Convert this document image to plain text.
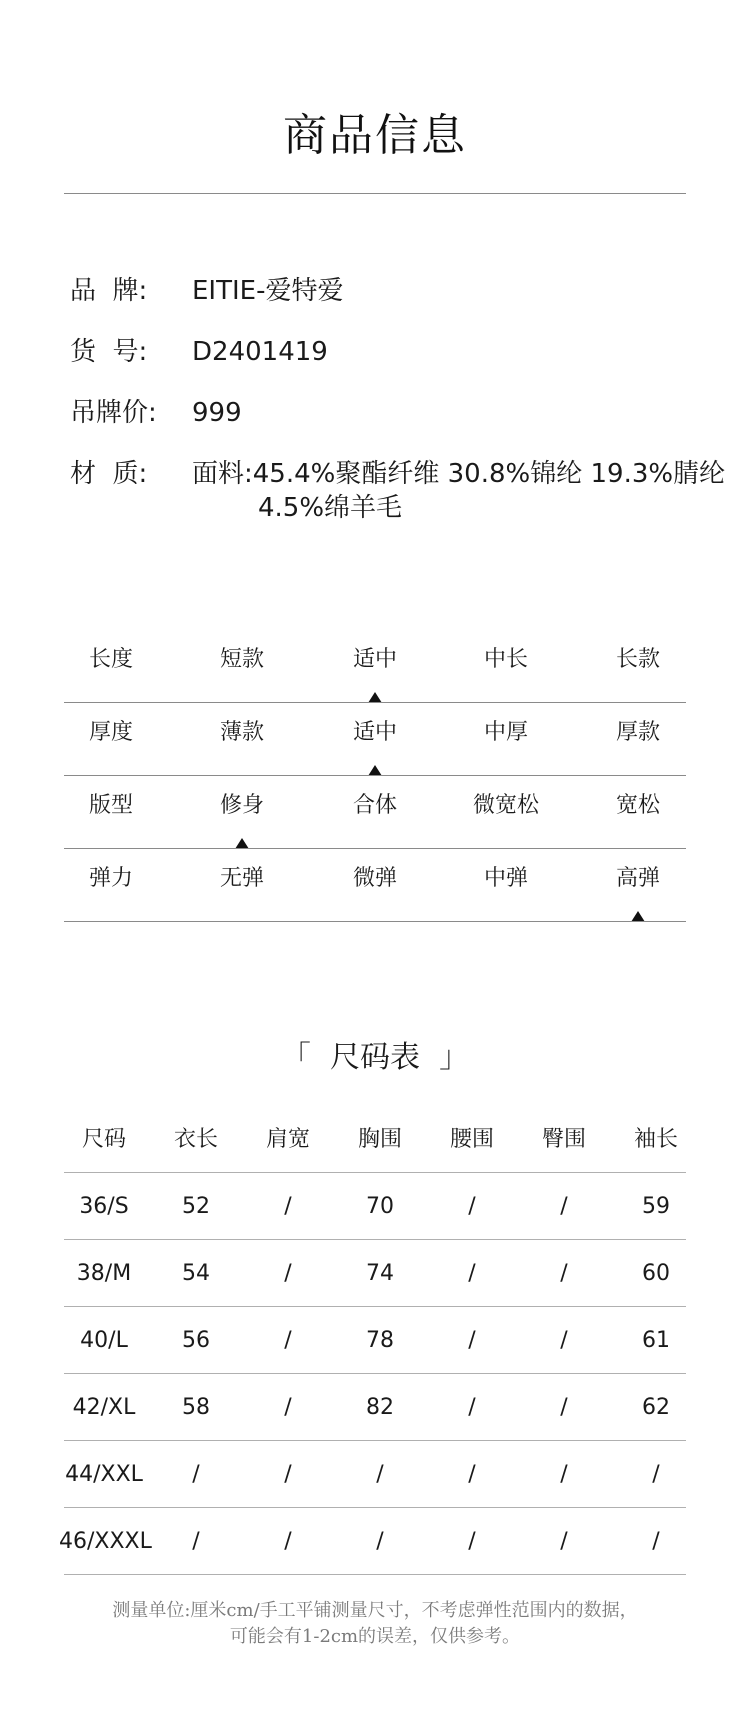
商品信息
品  牌: EITIE-爱特爱
货  号: D2401419
吊牌价: 999
材  质: 面料:45.4%聚酯纤维 30.8%锦纶 19.3%腈纶
4.5%绵羊毛
长度	短款	适中	中长	长款
厚度	薄款	适中	中厚	厚款
版型	修身	合体	微宽松	宽松
弹力	无弹	微弹	中弹	高弹
「  尺码表  」
尺码	衣长	肩宽	胸围	腰围	臀围	袖长
36/S	52	/	70	/	/	59
38/M	54	/	74	/	/	60
40/L	56	/	78	/	/	61
42/XL	58	/	82	/	/	62
44/XXL	/	/	/	/	/	/
46/XXXL	/	/	/	/	/	/
测量单位:厘米cm/手工平铺测量尺寸，不考虑弹性范围内的数据，
可能会有1-2cm的误差，仅供参考。
